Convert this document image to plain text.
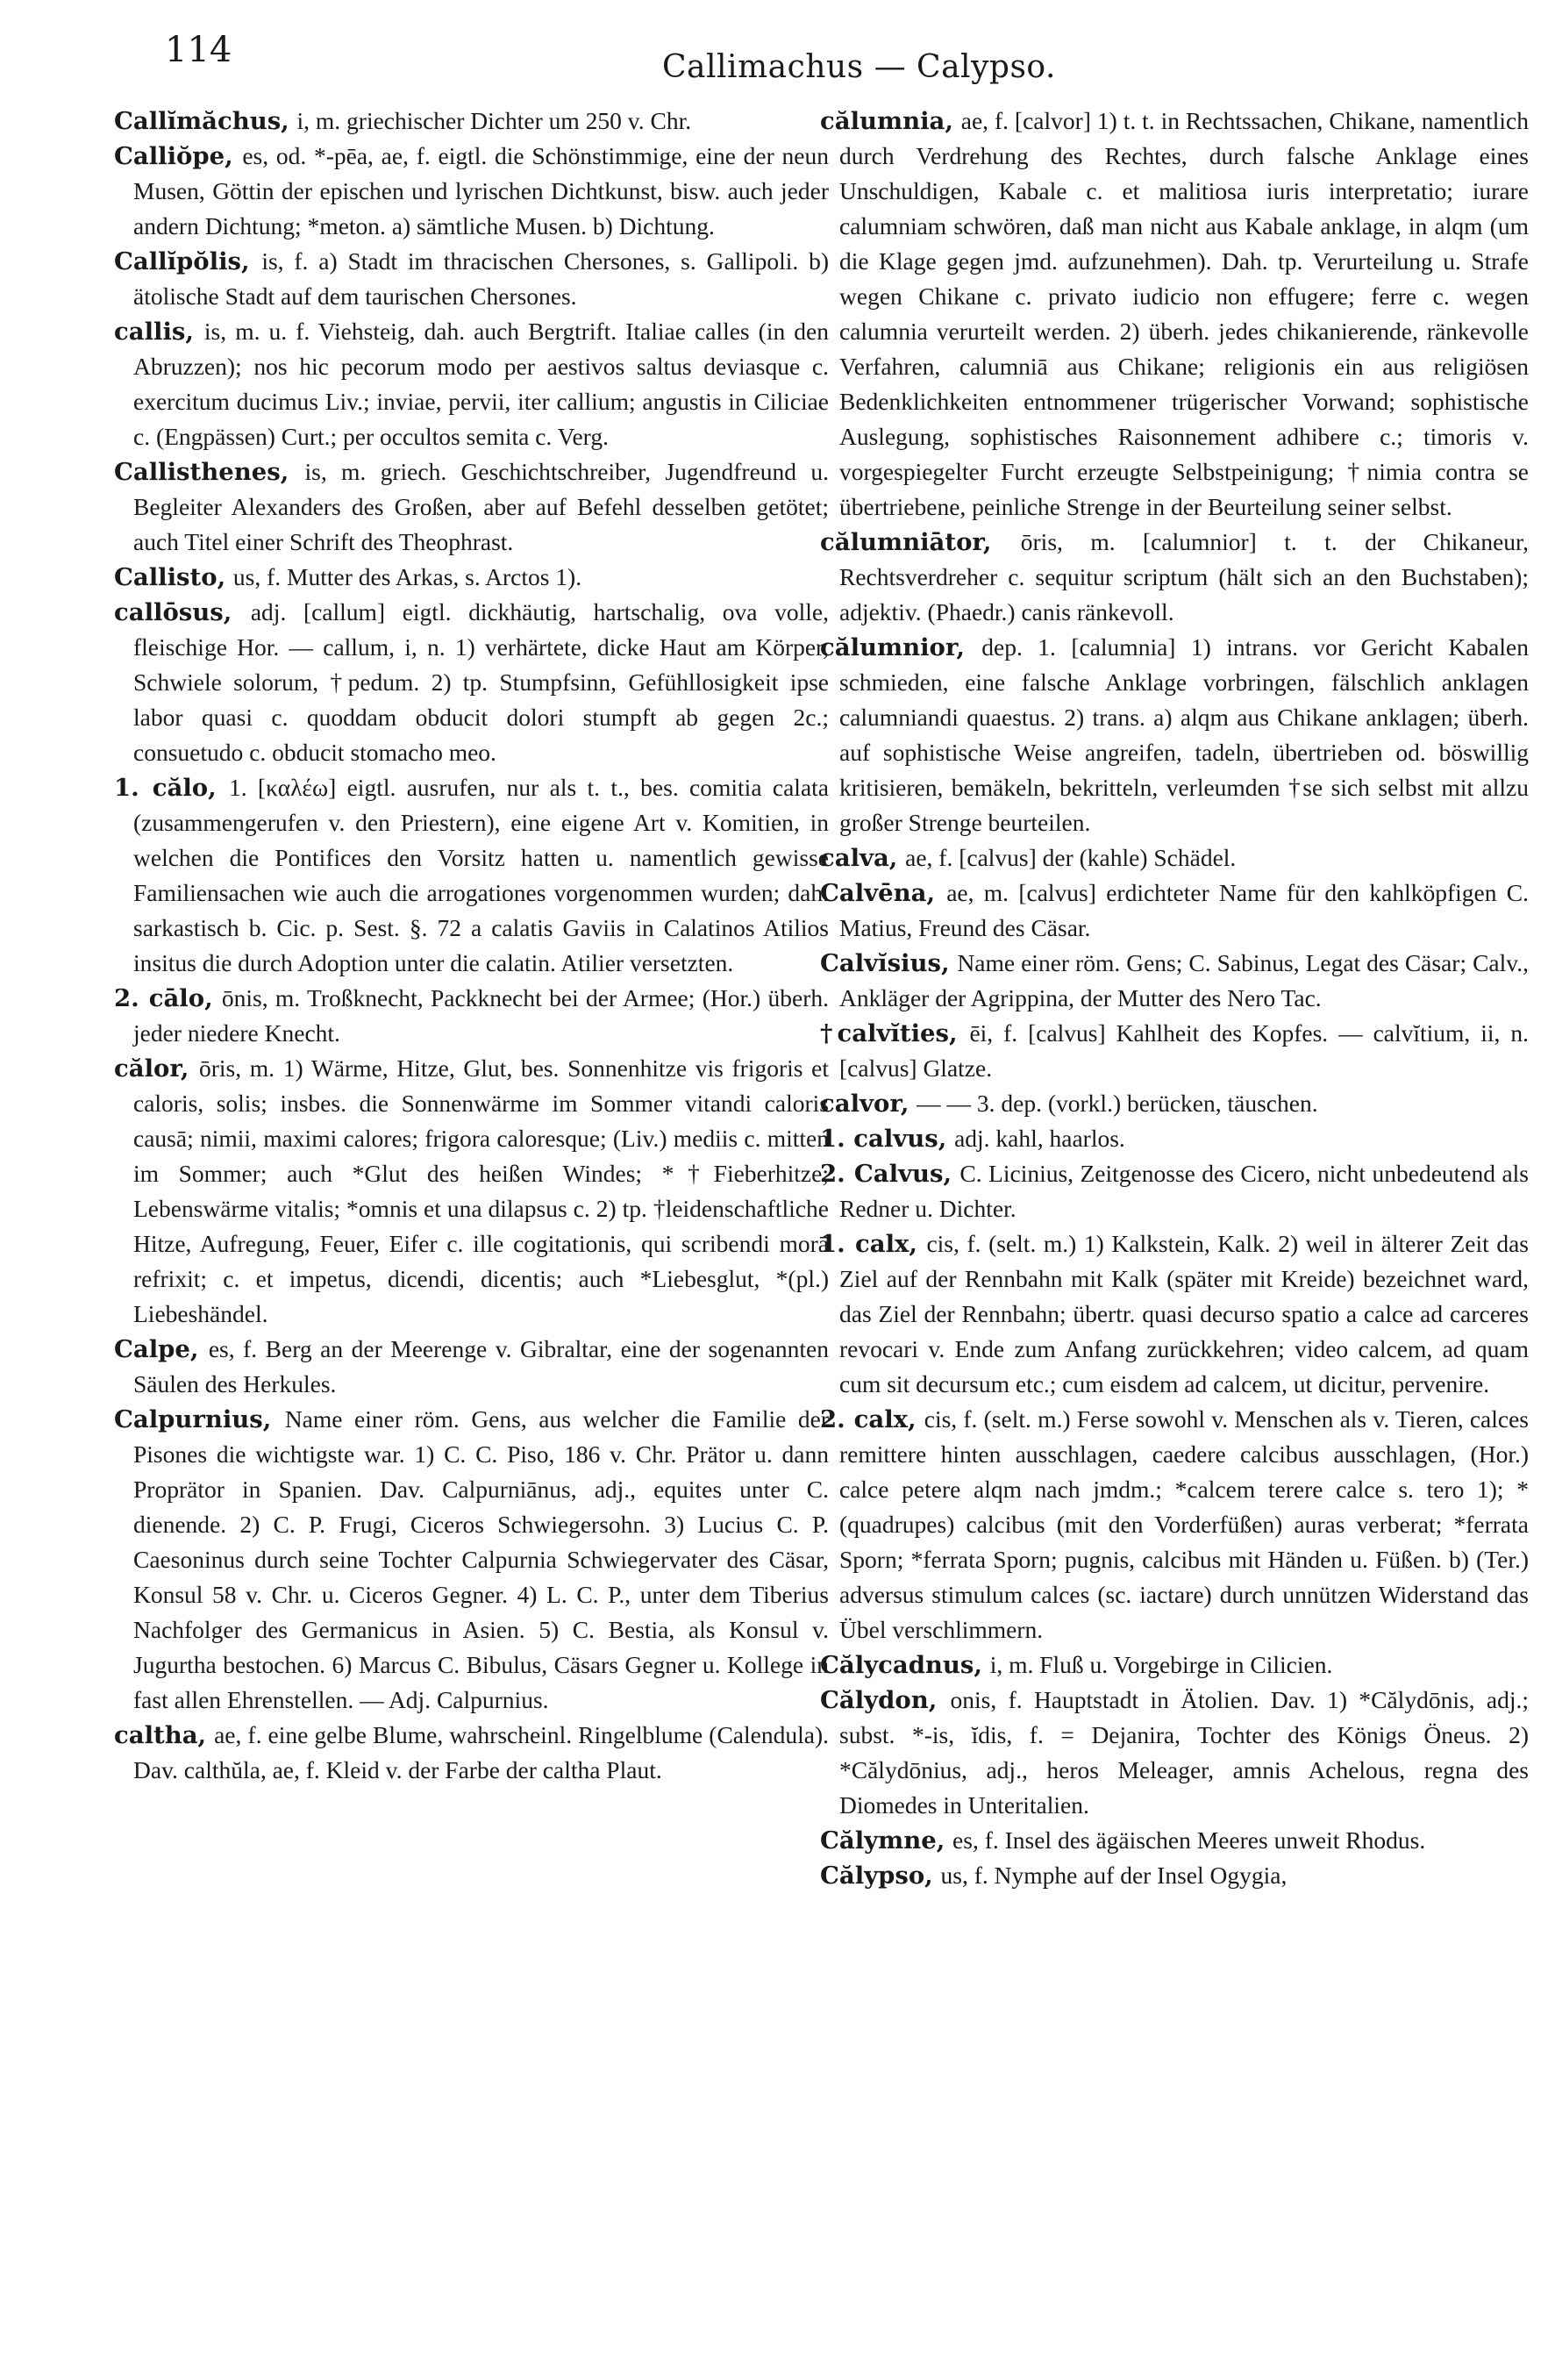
114	Callimachus — Calypso.

Callĭmăchus, i, m. griechischer Dichter um 250 v. Chr.

Calliŏpe, es, od. *-pēa, ae, f. eigtl. die Schönstimmige, eine der neun Musen, Göttin der epischen und lyrischen Dichtkunst, bisw. auch jeder andern Dichtung; *meton. a) sämtliche Musen. b) Dichtung.

Callĭpŏlis, is, f. a) Stadt im thracischen Chersones, s. Gallipoli. b) ätolische Stadt auf dem taurischen Chersones.

callis, is, m. u. f. Viehsteig, dah. auch Bergtrift. Italiae calles (in den Abruzzen); nos hic pecorum modo per aestivos saltus deviasque c. exercitum ducimus Liv.; inviae, pervii, iter callium; angustis in Ciliciae c. (Engpässen) Curt.; per occultos semita c. Verg.

Callisthenes, is, m. griech. Geschichtschreiber, Jugendfreund u. Begleiter Alexanders des Großen, aber auf Befehl desselben getötet; auch Titel einer Schrift des Theophrast.

Callisto, us, f. Mutter des Arkas, s. Arctos 1).

callōsus, adj. [callum] eigtl. dickhäutig, hartschalig, ova volle, fleischige Hor. — callum, i, n. 1) verhärtete, dicke Haut am Körper, Schwiele solorum, †pedum. 2) tp. Stumpfsinn, Gefühllosigkeit ipse labor quasi c. quoddam obducit dolori stumpft ab gegen 2c.; consuetudo c. obducit stomacho meo.

1. călo, 1. [καλέω] eigtl. ausrufen, nur als t. t., bes. comitia calata (zusammengerufen v. den Priestern), eine eigene Art v. Komitien, in welchen die Pontifices den Vorsitz hatten u. namentlich gewisse Familiensachen wie auch die arrogationes vorgenommen wurden; dah. sarkastisch b. Cic. p. Sest. §. 72 a calatis Gaviis in Calatinos Atilios insitus die durch Adoption unter die calatin. Atilier versetzten.

2. cālo, ōnis, m. Troßknecht, Packknecht bei der Armee; (Hor.) überh. jeder niedere Knecht.

călor, ōris, m. 1) Wärme, Hitze, Glut, bes. Sonnenhitze vis frigoris et caloris, solis; insbes. die Sonnenwärme im Sommer vitandi caloris causā; nimii, maximi calores; frigora caloresque; (Liv.) mediis c. mitten im Sommer; auch *Glut des heißen Windes; *†Fieberhitze; Lebenswärme vitalis; *omnis et una dilapsus c. 2) tp. †leidenschaftliche Hitze, Aufregung, Feuer, Eifer c. ille cogitationis, qui scribendi morā refrixit; c. et impetus, dicendi, dicentis; auch *Liebesglut, *(pl.) Liebeshändel.

Calpe, es, f. Berg an der Meerenge v. Gibraltar, eine der sogenannten Säulen des Herkules.

Calpurnius, Name einer röm. Gens, aus welcher die Familie der Pisones die wichtigste war. 1) C. C. Piso, 186 v. Chr. Prätor u. dann Proprätor in Spanien. Dav. Calpurniānus, adj., equites unter C. dienende. 2) C. P. Frugi, Ciceros Schwiegersohn. 3) Lucius C. P. Caesoninus durch seine Tochter Calpurnia Schwiegervater des Cäsar, Konsul 58 v. Chr. u. Ciceros Gegner. 4) L. C. P., unter dem Tiberius Nachfolger des Germanicus in Asien. 5) C. Bestia, als Konsul v. Jugurtha bestochen. 6) Marcus C. Bibulus, Cäsars Gegner u. Kollege in fast allen Ehrenstellen. — Adj. Calpurnius.

caltha, ae, f. eine gelbe Blume, wahrscheinl. Ringelblume (Calendula). Dav. calthŭla, ae, f. Kleid v. der Farbe der caltha Plaut.

călumnia, ae, f. [calvor] 1) t. t. in Rechtssachen, Chikane, namentlich durch Verdrehung des Rechtes, durch falsche Anklage eines Unschuldigen, Kabale c. et malitiosa iuris interpretatio; iurare calumniam schwören, daß man nicht aus Kabale anklage, in alqm (um die Klage gegen jmd. aufzunehmen). Dah. tp. Verurteilung u. Strafe wegen Chikane c. privato iudicio non effugere; ferre c. wegen calumnia verurteilt werden. 2) überh. jedes chikanierende, ränkevolle Verfahren, calumniā aus Chikane; religionis ein aus religiösen Bedenklichkeiten entnommener trügerischer Vorwand; sophistische Auslegung, sophistisches Raisonnement adhibere c.; timoris v. vorgespiegelter Furcht erzeugte Selbstpeinigung; †nimia contra se übertriebene, peinliche Strenge in der Beurteilung seiner selbst.

călumniātor, ōris, m. [calumnior] t. t. der Chikaneur, Rechtsverdreher c. sequitur scriptum (hält sich an den Buchstaben); adjektiv. (Phaedr.) canis ränkevoll.

călumnior, dep. 1. [calumnia] 1) intrans. vor Gericht Kabalen schmieden, eine falsche Anklage vorbringen, fälschlich anklagen calumniandi quaestus. 2) trans. a) alqm aus Chikane anklagen; überh. auf sophistische Weise angreifen, tadeln, übertrieben od. böswillig kritisieren, bemäkeln, bekritteln, verleumden †se sich selbst mit allzu großer Strenge beurteilen.

calva, ae, f. [calvus] der (kahle) Schädel.

Calvēna, ae, m. [calvus] erdichteter Name für den kahlköpfigen C. Matius, Freund des Cäsar.

Calvĭsius, Name einer röm. Gens; C. Sabinus, Legat des Cäsar; Calv., Ankläger der Agrippina, der Mutter des Nero Tac.

†calvĭties, ēi, f. [calvus] Kahlheit des Kopfes. — calvĭtium, ii, n. [calvus] Glatze.

calvor, — — 3. dep. (vorkl.) berücken, täuschen.

1. calvus, adj. kahl, haarlos.

2. Calvus, C. Licinius, Zeitgenosse des Cicero, nicht unbedeutend als Redner u. Dichter.

1. calx, cis, f. (selt. m.) 1) Kalkstein, Kalk. 2) weil in älterer Zeit das Ziel auf der Rennbahn mit Kalk (später mit Kreide) bezeichnet ward, das Ziel der Rennbahn; übertr. quasi decurso spatio a calce ad carceres revocari v. Ende zum Anfang zurückkehren; video calcem, ad quam cum sit decursum etc.; cum eisdem ad calcem, ut dicitur, pervenire.

2. calx, cis, f. (selt. m.) Ferse sowohl v. Menschen als v. Tieren, calces remittere hinten ausschlagen, caedere calcibus ausschlagen, (Hor.) calce petere alqm nach jmdm.; *calcem terere calce s. tero 1); *(quadrupes) calcibus (mit den Vorderfüßen) auras verberat; *ferrata Sporn; *ferrata Sporn; pugnis, calcibus mit Händen u. Füßen. b) (Ter.) adversus stimulum calces (sc. iactare) durch unnützen Widerstand das Übel verschlimmern.

Călycadnus, i, m. Fluß u. Vorgebirge in Cilicien.

Călydon, onis, f. Hauptstadt in Ätolien. Dav. 1) *Călydōnis, adj.; subst. *-is, ĭdis, f. = Dejanira, Tochter des Königs Öneus. 2) *Călydōnius, adj., heros Meleager, amnis Achelous, regna des Diomedes in Unteritalien.

Călymne, es, f. Insel des ägäischen Meeres unweit Rhodus.

Călypso, us, f. Nymphe auf der Insel Ogygia,
